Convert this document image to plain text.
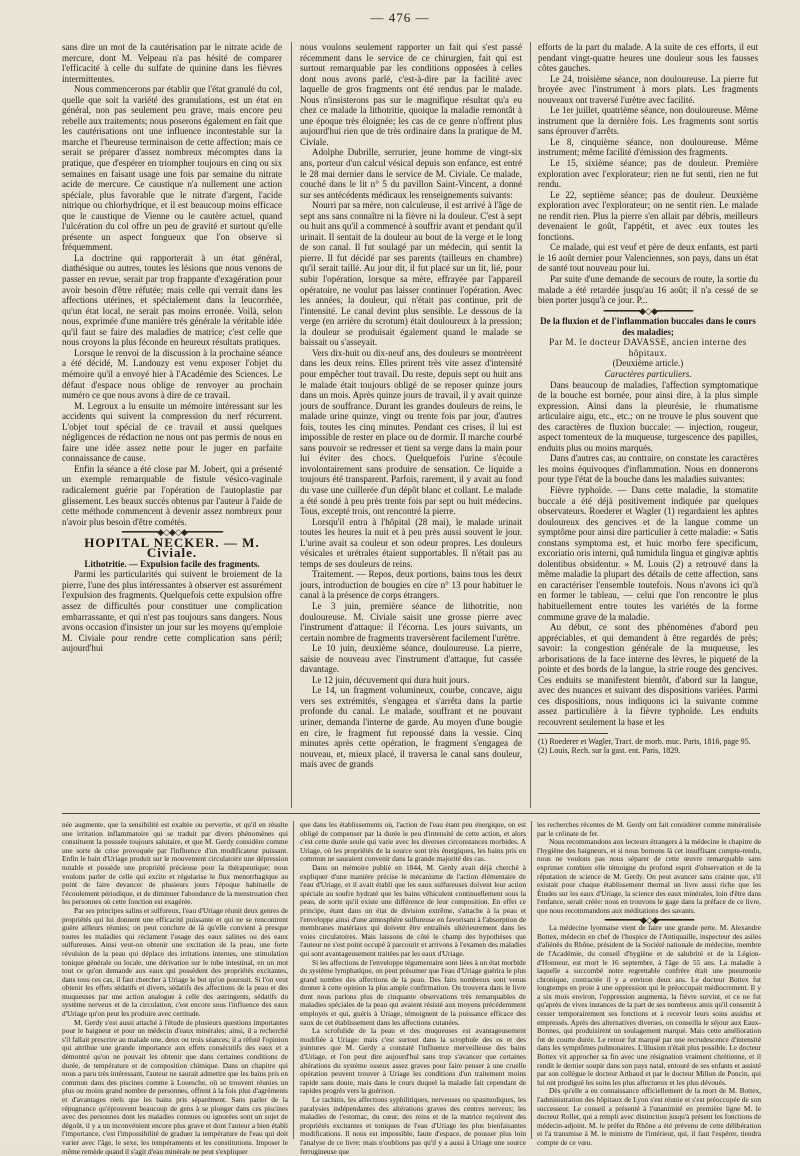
— 476 —

sans dire un mot de la cautérisation par le nitrate acide de mercure, dont M. Velpeau n'a pas hésité de comparer l'efficacité à celle du sulfate de quinine dans les fièvres intermittentes.

Nous commencerons par établir que l'état granulé du col, quelle que soit la variété des granulations, est un état en général, non pas seulement peu grave, mais encore peu rebelle aux traitements; nous poserons également en fait que les cautérisations ont une influence incontestable sur la marche et l'heureuse terminaison de cette affection; mais ce serait se préparer d'assez nombreux mécomptes dans la pratique, que d'espérer en triompher toujours en cinq ou six semaines en faisant usage une fois par semaine du nitrate acide de mercure. Ce caustique n'a nullement une action spéciale, plus favorable que le nitrate d'argent, l'acide nitrique ou chlorhydrique, et il est beaucoup moins efficace que le caustique de Vienne ou le cautère actuel, quand l'ulcération du col offre un peu de gravité et surtout qu'elle présente un aspect fongueux que l'on observe si fréquemment.

La doctrine qui rapporterait à un état général, diathésique ou autres, toutes les lésions que nous venons de passer en revue, serait par trop frappante d'exagération pour avoir besoin d'être réfutée; mais celle qui verrait dans les affections utérines, et spécialement dans la leucorrhée, qu'un état local, ne serait pas moins erronée. Voilà, selon nous, exprimée d'une manière très générale la véritable idée qu'il faut se faire des maladies de matrice; c'est celle que nous croyons la plus féconde en heureux résultats pratiques.

Lorsque le renvoi de la discussion à la prochaine séance a été décidé, M. Landouzy est venu exposer l'objet du mémoire qu'il a envoyé hier à l'Académie des Sciences. Le défaut d'espace nous oblige de renvoyer au prochain numéro ce que nous avons à dire de ce travail.

M. Legroux a lu ensuite un mémoire intéressant sur les accidents qui suivent la compression du nerf récurrent. L'objet tout spécial de ce travail et aussi quelques négligences de rédaction ne nous ont pas permis de nous en faire une idée assez nette pour le juger en parfaite connaissance de cause.

Enfin la séance a été close par M. Jobert, qui a présenté un exemple remarquable de fistule vésico-vaginale radicalement guérie par l'opération de l'autoplastie par glissement. Les beaux succès obtenus par l'auteur à l'aide de cette méthode commencent à devenir assez nombreux pour n'avoir plus besoin d'être cométés.

━━━━━━━━◆◇◆◇◆━━━━━━━━

HOPITAL NECKER. — M. Civiale.

Lithotritie. — Expulsion facile des fragments.

Parmi les particularités qui suivent le broiement de la pierre, l'une des plus intéressantes à observer est assurément l'expulsion des fragments. Quelquefois cette expulsion offre assez de difficultés pour constituer une complication embarrassante, et qui n'est pas toujours sans dangers. Nous avons occasion d'insister un jour sur les moyens qu'emploie M. Civiale pour rendre cette complication sans péril; aujourd'hui

nous voulons seulement rapporter un fait qui s'est passé récemment dans le service de ce chirurgien, fait qui est surtout remarquable par les conditions opposées à celles dont nous avons parlé, c'est-à-dire par la facilité avec laquelle de gros fragments ont été rendus par le malade. Nous n'insisterons pas sur le magnifique résultat qu'a eu chez ce malade la lithotritie, quoique la maladie remontât à une époque très éloignée; les cas de ce genre n'offrent plus aujourd'hui rien que de très ordinaire dans la pratique de M. Civiale.

Adolphe Dubrille, serrurier, jeune homme de vingt-six ans, porteur d'un calcul vésical depuis son enfance, est entré le 28 mai dernier dans le service de M. Civiale. Ce malade, couché dans le lit n° 5 du pavillon Saint-Vincent, a donné sur ses antécédents médicaux les renseignements suivants:

Nourri par sa mère, non calculeuse, il est arrivé à l'âge de sept ans sans connaître ni la fièvre ni la douleur. C'est à sept ou huit ans qu'il a commencé à souffrir avant et pendant qu'il urinait. Il sentait de la douleur au bout de la verge et le long de son canal. Il fut soulagé par un médecin, qui sentit la pierre. Il fut décidé par ses parents (tailleurs en chambre) qu'il serait taillé. Au jour dit, il fut placé sur un lit, lié, pour subir l'opération, lorsque sa mère, effrayée par l'appareil opératoire, ne voulut pas laisser continuer l'opération. Avec les années, la douleur, qui n'était pas continue, prit de l'intensité. Le canal devint plus sensible. Le dessous de la verge (en arrière du scrotum) était douloureux à la pression; la douleur se produisait également quand le malade se baissait ou s'asseyait.

Vers dix-huit ou dix-neuf ans, des douleurs se montrèrent dans les deux reins. Elles prirent très vite assez d'intensité pour empêcher tout travail. Du reste, depuis sept ou huit ans le malade était toujours obligé de se reposer quinze jours dans un mois. Après quinze jours de travail, il y avait quinze jours de souffrance. Durant les grandes douleurs de reins, le malade urine quinze, vingt ou trente fois par jour, d'autres fois, toutes les cinq minutes. Pendant ces crises, il lui est impossible de rester en place ou de dormir. Il marche courbé sans pouvoir se redresser et tient sa verge dans la main pour lui éviter des chocs. Quelquefois l'urine s'écoule involontairement sans produire de sensation. Ce liquide a toujours été transparent. Parfois, rarement, il y avait au fond du vase une cuillerée d'un dépôt blanc et collant. Le malade a été sondé à peu près trente fois par sept ou huit médecins. Tous, excepté trois, ont rencontré la pierre.

Lorsqu'il entra à l'hôpital (28 mai), le malade urinait toutes les heures la nuit et à peu près aussi souvent le jour. L'urine avait sa couleur et son odeur propres. Les douleurs vésicales et urétrales étaient supportables. Il n'était pas au temps de ses douleurs de reins.

Traitement. — Repos, deux portions, bains tous les deux jours, introduction de bougies en cire n° 13 pour habituer le canal à la présence de corps étrangers.

Le 3 juin, première séance de lithotritie, non douloureuse. M. Civiale saisit une grosse pierre avec l'instrument d'attaque: il l'écorna. Les jours suivants, un certain nombre de fragments traversèrent facilement l'urètre.

Le 10 juin, deuxième séance, douloureuse. La pierre, saisie de nouveau avec l'instrument d'attaque, fut cassée davantage.

Le 12 juin, décuvement qui dura huit jours.

Le 14, un fragment volumineux, courbe, concave, aigu vers ses extrémités, s'engagea et s'arrêta dans la partie profonde du canal. Le malade, souffrant et ne pouvant uriner, demanda l'interne de garde. Au moyen d'une bougie en cire, le fragment fut repoussé dans la vessie. Cinq minutes après cette opération, le fragment s'engagea de nouveau, et, mieux placé, il traversa le canal sans douleur, mais avec de grands

efforts de la part du malade. A la suite de ces efforts, il eut pendant vingt-quatre heures une douleur sous les fausses côtes gauches.

Le 24, troisième séance, non douloureuse. La pierre fut broyée avec l'instrument à mors plats. Les fragments nouveaux ont traversé l'urètre avec facilité.

Le 1er juillet, quatrième séance, non douloureuse. Même instrument que la dernière fois. Les fragments sont sortis sans éprouver d'arrêts.

Le 8, cinquième séance, non douloureuse. Même instrument; même facilité d'émission des fragments.

Le 15, sixième séance; pas de douleur. Première exploration avec l'explorateur; rien ne fut senti, rien ne fut rendu.

Le 22, septième séance; pas de douleur. Deuxième exploration avec l'explorateur; on ne sentit rien. Le malade ne rendit rien. Plus la pierre s'en allait par débris, meilleurs devenaient le goût, l'appétit, et avec eux toutes les fonctions.

Ce malade, qui est veuf et père de deux enfants, est parti le 16 août dernier pour Valenciennes, son pays, dans un état de santé tout nouveau pour lui.

Par suite d'une demande de secours de route, la sortie du malade a été retardée jusqu'au 16 août; il n'a cessé de se bien porter jusqu'à ce jour. P...

━━━━━━━━◆◇◆━━━━━━━━

De la fluxion et de l'inflammation buccales dans le cours des maladies;

Par M. le docteur DAVASSE, ancien interne des hôpitaux.

(Deuxième article.)

Caractères particuliers.

Dans beaucoup de maladies, l'affection symptomatique de la bouche est bornée, pour ainsi dire, à la plus simple expression. Ainsi dans la pleurésie, le rhumatisme articulaire aigu, etc., etc.; on ne trouve le plus souvent que des caractères de fluxion buccale: — injection, rougeur, aspect tomenteux de la muqueuse, turgescence des papilles, enduits plus ou moins marqués.

Dans d'autres cas, au contraire, on constate les caractères les moins équivoques d'inflammation. Nous en donnerons pour type l'état de la bouche dans les maladies suivantes:

Fièvre typhoïde. — Dans cette maladie, la stomatite buccale a été déjà positivement indiquée par quelques observateurs. Roederer et Wagler (1) regardaient les aphtes douloureux des gencives et de la langue comme un symptôme pour ainsi dire particulier à cette maladie: « Satis constans symptoma est, et huic morbo fere specificum, excoriatio oris interni, quâ tumidula lingua et gingivæ aphtis dolentibus obsidentur. » M. Louis (2) a retrouvé dans la même maladie la plupart des détails de cette affection, sans en caractériser l'ensemble toutefois. Nous n'avons ici qu'à en former le tableau, — celui que l'on rencontre le plus habituellement entre toutes les variétés de la forme commune grave de la maladie.

Au début, ce sont des phénomènes d'abord peu appréciables, et qui demandent à être regardés de près; savoir: la congestion générale de la muqueuse, les arborisations de la face interne des lèvres, le piqueté de la pointe et des bords de la langue, la strie rouge des gencives. Ces enduits se manifestent bientôt, d'abord sur la langue, avec des nuances et suivant des dispositions variées. Parmi ces dispositions, nous indiquons ici la suivante comme assez particulière à la fièvre typhoïde. Les enduits recouvrent seulement la base et les

(1) Roederer et Wagler, Tract. de morb. muc. Paris, 1816, page 95.

(2) Louis, Rech. sur la gast. ent. Paris, 1829.

née augmente, que la sensibilité est exaltée ou pervertie, et qu'il en résulte une irritation inflammatoire qui se traduit par divers phénomènes qui constituent la poussée toujours salutaire, et que M. Gerdy considère comme une sorte de crise provoquée par l'influence d'un modificateur puissant. Enfin le bain d'Uriage produit sur le mouvement circulatoire une dépression notable et possède une propriété précieuse pour la thérapeutique; nous voulons parler de celle qui excite et régularise le flux menorrhagique au point de faire devancer de plusieurs jours l'époque habituelle de l'écoulement périodique, et de diminuer l'abondance de la menstruation chez les personnes où cette fonction est exagérée.

Par ses principes salins et sulfureux, l'eau d'Uriage réunit deux genres de propriétés qui lui donnent une efficacité puissante et qui ne se rencontrent guère ailleurs réunies; on peut conclure de là qu'elle convient à presque toutes les maladies qui réclament l'usage des eaux salines ou des eaux sulfureuses. Ainsi veut-on obtenir une excitation de la peau, une forte révulsion de la peau qui déplace des irritations internes, une stimulation tonique générale ou locale, une dérivation sur le tube intestinal, en un mot tout ce qu'on demande aux eaux qui possèdent des propriétés excitantes, dans tous ces cas, il faut chercher à Uriage le but qu'on poursuit. Si l'on veut obtenir les effets sédatifs et divers, sédatifs des affections de la peau et des muqueuses par une action analogue à celle des astringents, sédatifs du système nerveux et de la circulation, c'est encore sous l'influence des eaux d'Uriage qu'on peut les produire avec certitude.

M. Gerdy s'est aussi attaché à l'étude de plusieurs questions importantes pour le baigneur et pour un médecin d'eaux minérales; ainsi, il a recherché s'il fallait prescrire au malade une, deux ou trois séances; il a réfuté l'opinion qui attribue une grande importance aux effets consécutifs des eaux et a démontré qu'on ne pouvait les obtenir que dans certaines conditions de durée, de température et de composition chimique. Dans un chapitre qui nous a paru très intéressant, l'auteur ne saurait admettre que les bains pris en commun dans des piscines comme à Louesche, où se trouvent réunies un plus ou moins grand nombre de personnes, offrent à la fois plus d'agréments et d'avantages réels que les bains pris séparément. Sans parler de la répugnance qu'éprouvent beaucoup de gens à se plonger dans ces piscines avec des personnes dont les maladies connues ou ignorées sont un sujet de dégoût, il y a un inconvénient encore plus grave et dont l'auteur a bien établi l'importance, c'est l'impossibilité de graduer la température de l'eau qui doit varier avec l'âge, le sexe, les tempéraments et les constitutions. Imposer le même remède quand il s'agit d'eau minérale ne peut s'expliquer

que dans les établissements où, l'action de l'eau étant peu énergique, on est obligé de compenser par la durée le peu d'intensité de cette action, et alors c'est cette durée seule qui varie avec les diverses circonstances morbides. A Uriage, où les propriétés de la source sont très énergiques, les bains pris en commun ne sauraient convenir dans la grande majorité des cas.

Dans un mémoire publié en 1844, M. Gerdy avait déjà cherché à expliquer d'une manière précise le mécanisme de l'action élémentaire de l'eau d'Uriage, et il avait établi que les eaux sulfureuses doivent leur action spéciale au soufre hydraté que les bains véhiculent continuellement sous la peau, de sorte qu'il existe une différence de leur composition. En effet ce principe, étant dans un état de division extrême, s'attache à la peau et l'enveloppe ainsi d'une atmosphère sulfureuse en favorisant à l'absorption de membranes matériaux qui doivent être entraînés ultérieurement dans les voies circulatoires. Mais laissons de côté le champ des hypothèses que l'auteur ne s'est point occupé à parcourir et arrivons à l'examen des maladies qui sont avantageusement traitées par les eaux d'Uriage.

Si les affections de l'enveloppe tégumentaire sont liées à un état morbide du système lymphatique, on peut présumer que l'eau d'Uriage guérira le plus grand nombre des affections de la peau. Des faits nombreux sont venus donner à cette opinion la plus ample confirmation. On trouvera dans le livre dont nous parlons plus de cinquante observations très remarquables de maladies spéciales de la peau qui avaient résisté aux moyens précédemment employés et qui, guéris à Uriage, témoignent de la puissance efficace des eaux de cet établissement dans les affections cutanées.

La scrofulide de la peau et des muqueuses est avantageusement modifiée à Uriage: mais c'est surtout dans la scrophule des os et des jointures que M. Gerdy a constaté l'influence merveilleuse des bains d'Uriage, et l'on peut dire aujourd'hui sans trop s'avancer que certaines altérations du système osseux assez graves pour faire penser à une cruelle opération peuvent trouver à Uriage les conditions d'un traitement moins rapide sans doute, mais dans le cours duquel la maladie fait cependant de rapides progrès vers la guérison.

Le rachitis, les affections syphilitiques, nerveuses ou spasmodiques, les paralysies indépendantes des altérations graves des centres nerveux; les maladies de l'estomac, du cœur, des reins et de la matrice reçoivent des propriétés excitantes et toniques de l'eau d'Uriage les plus bienfaisantes modifications. Il nous est impossible, faute d'espace, de pousser plus loin l'analyse de ce livre; mais n'oublions pas qu'il y a aussi à Uriage une source ferrugineuse que

les recherches récentes de M. Gerdy ont fait considérer comme minéralisée par le créinate de fer.

Nous recommandons aux lecteurs étrangers à la médecine le chapitre de l'hygiène des baigneurs, et si nous bornons là cet insuffisant compte-rendu, nous ne voulons pas nous séparer de cette œuvre remarquable sans exprimer combien elle témoigne du profond esprit d'observation et de la réputation de science de M. Gerdy. On peut avancer sans crainte que, s'il existait pour chaque établissement thermal un livre aussi riche que les Études sur les eaux d'Uriage, la science des eaux minérales, loin d'être dans l'enfance, serait créée: nous en trouvons le gage dans la préface de ce livre, que nous recommandons aux méditations des savants.

━━━━━━━━◆◇◆━━━━━━━━

La médecine lyonnaise vient de faire une grande perte. M. Alexandre Bottex, médecin en chef de l'hospice de l'Antiquaille, inspecteur des asiles d'aliénés du Rhône, président de la Société nationale de médecine, membre de l'Académie, du conseil d'hygiène et de salubrité et de la Légion-d'Honneur, est mort le 16 septembre, à l'âge de 55 ans. La maladie à laquelle a succombé notre regrettable confrère était une pneumonie chronique, contractée il y a environ deux ans. Le docteur Bottex fut longtemps en proie à une oppression qui le préoccupait médiocrement. Il y a six mois environ, l'oppression augmenta, la fièvre survint, et ce ne fut qu'après de vives instances de la part de ses nombreux amis qu'il consentit à cesser temporairement ses fonctions et à recevoir leurs soins assidus et empressés. Après des alternatives diverses, on conseilla le séjour aux Eaux-Bonnes, qui produisirent un soulagement marqué. Mais cette amélioration fut de courte durée. Le retour fut marqué par une recrudescence d'intensité dans les symptômes pulmonaires. L'illusion n'était plus possible. Le docteur Bottex vit approcher sa fin avec une résignation vraiment chrétienne, et il rendit le dernier soupir dans son pays natal, entouré de ses enfants et assisté par son collègue le docteur Arthaud et par le docteur Millon de Poncin, qui lui ont prodigué les soins les plus affectueux et les plus dévoués.

Dès qu'elle a eu connaissance officiellement de la mort de M. Bottex, l'administration des hôpitaux de Lyon s'est réunie et s'est préoccupée de son successeur. Le conseil a présenté à l'unanimité en première ligne M. le docteur Rollet, qui a rempli avec distinction jusqu'à présent les fonctions de médecin-adjoint. M. le préfet du Rhône a été prévenu de cette délibération et l'a transmise à M. le ministre de l'intérieur, qui, il faut l'espérer, tiendra compte de ce vœu.
